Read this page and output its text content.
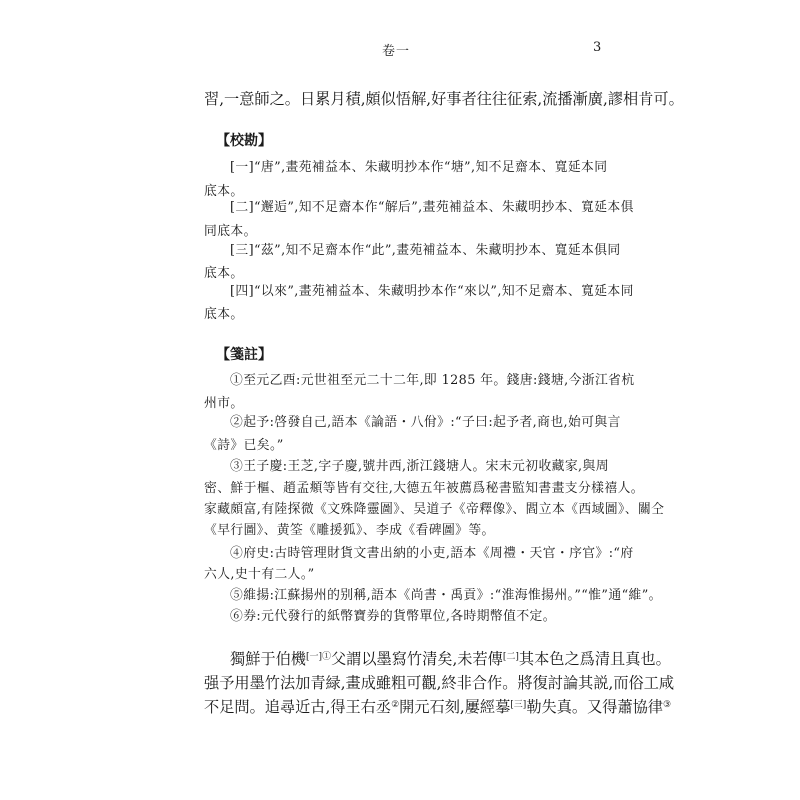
卷一	3
習,一意師之。日累月積,頗似悟解,好事者往往征索,流播漸廣,謬相肯可。
【校勘】
[一]“唐”,畫苑補益本、朱藏明抄本作“塘”,知不足齋本、寬延本同
底本。
[二]“邂逅”,知不足齋本作“解后”,畫苑補益本、朱藏明抄本、寬延本俱
同底本。
[三]“茲”,知不足齋本作“此”,畫苑補益本、朱藏明抄本、寬延本俱同
底本。
[四]“以來”,畫苑補益本、朱藏明抄本作“來以”,知不足齋本、寬延本同
底本。
【箋註】
①至元乙酉:元世祖至元二十二年,即 1285 年。錢唐:錢塘,今浙江省杭
州市。
②起予:啓發自己,語本《論語・八佾》:“子曰:起予者,商也,始可與言
《詩》已矣。”
③王子慶:王芝,字子慶,號井西,浙江錢塘人。宋末元初收藏家,與周
密、鮮于樞、趙孟頫等皆有交往,大德五年被薦爲秘書監知書畫支分樣禧人。
家藏頗富,有陸探微《文殊降靈圖》、吴道子《帝釋像》、閻立本《西域圖》、關仝
《早行圖》、黄筌《雕援狐》、李成《看碑圖》等。
④府史:古時管理財貨文書出納的小吏,語本《周禮・天官・序官》:“府
六人,史十有二人。”
⑤維揚:江蘇揚州的别稱,語本《尚書・禹貢》:“淮海惟揚州。”“惟”通“維”。
⑥券:元代發行的紙幣寶券的貨幣單位,各時期幣值不定。
獨鮮于伯機$^{[一]①}$父謂以墨寫竹清矣,未若傳[二]其本色之爲清且真也。
强予用墨竹法加青緑,畫成雖粗可觀,終非合作。將復討論其説,而俗工咸
不足問。追尋近古,得王右丞②開元石刻,屢經摹[三]勒失真。又得蕭協律③
